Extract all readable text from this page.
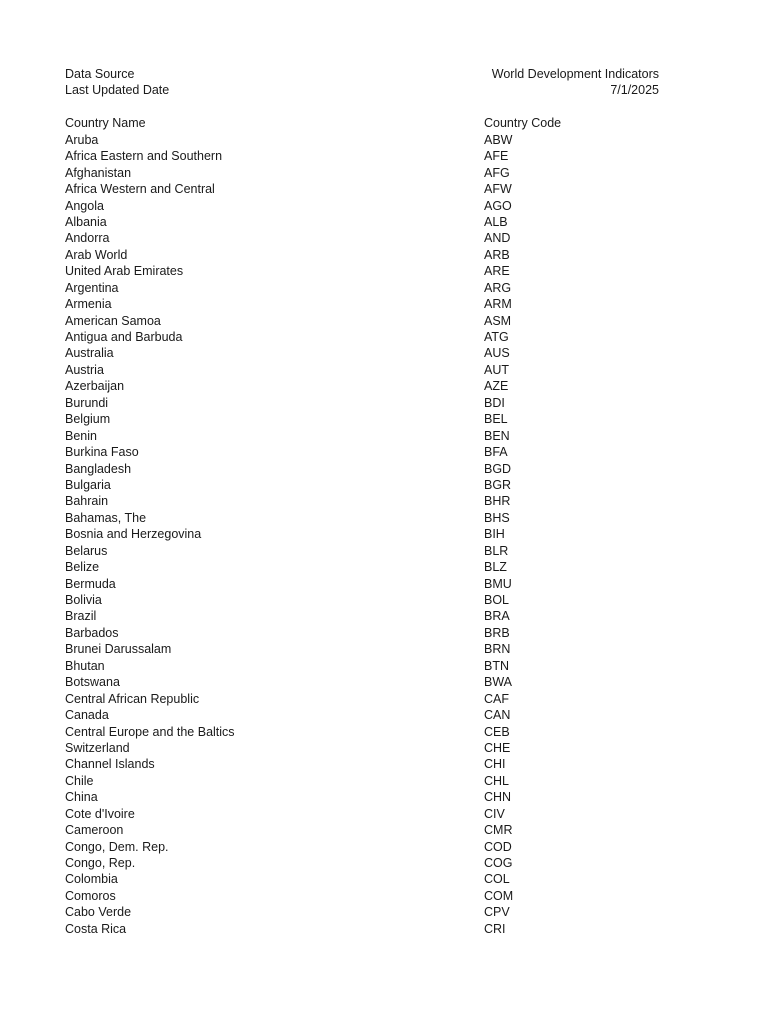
Data Source	World Development Indicators
Last Updated Date	7/1/2025
Country Name	Country Code
Aruba	ABW
Africa Eastern and Southern	AFE
Afghanistan	AFG
Africa Western and Central	AFW
Angola	AGO
Albania	ALB
Andorra	AND
Arab World	ARB
United Arab Emirates	ARE
Argentina	ARG
Armenia	ARM
American Samoa	ASM
Antigua and Barbuda	ATG
Australia	AUS
Austria	AUT
Azerbaijan	AZE
Burundi	BDI
Belgium	BEL
Benin	BEN
Burkina Faso	BFA
Bangladesh	BGD
Bulgaria	BGR
Bahrain	BHR
Bahamas, The	BHS
Bosnia and Herzegovina	BIH
Belarus	BLR
Belize	BLZ
Bermuda	BMU
Bolivia	BOL
Brazil	BRA
Barbados	BRB
Brunei Darussalam	BRN
Bhutan	BTN
Botswana	BWA
Central African Republic	CAF
Canada	CAN
Central Europe and the Baltics	CEB
Switzerland	CHE
Channel Islands	CHI
Chile	CHL
China	CHN
Cote d'Ivoire	CIV
Cameroon	CMR
Congo, Dem. Rep.	COD
Congo, Rep.	COG
Colombia	COL
Comoros	COM
Cabo Verde	CPV
Costa Rica	CRI
